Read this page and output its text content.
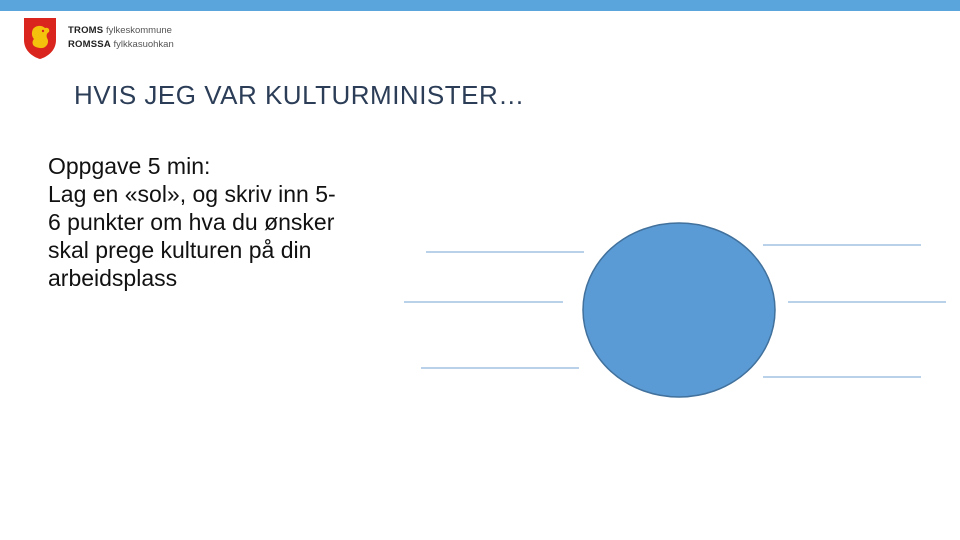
TROMS fylkeskommune
ROMSSA fylkkasuohkan
HVIS JEG VAR KULTURMINISTER…

Oppgave 5 min:

Lag en «sol», og skriv inn 5-6 punkter om hva du ønsker skal prege kulturen på din arbeidsplass
